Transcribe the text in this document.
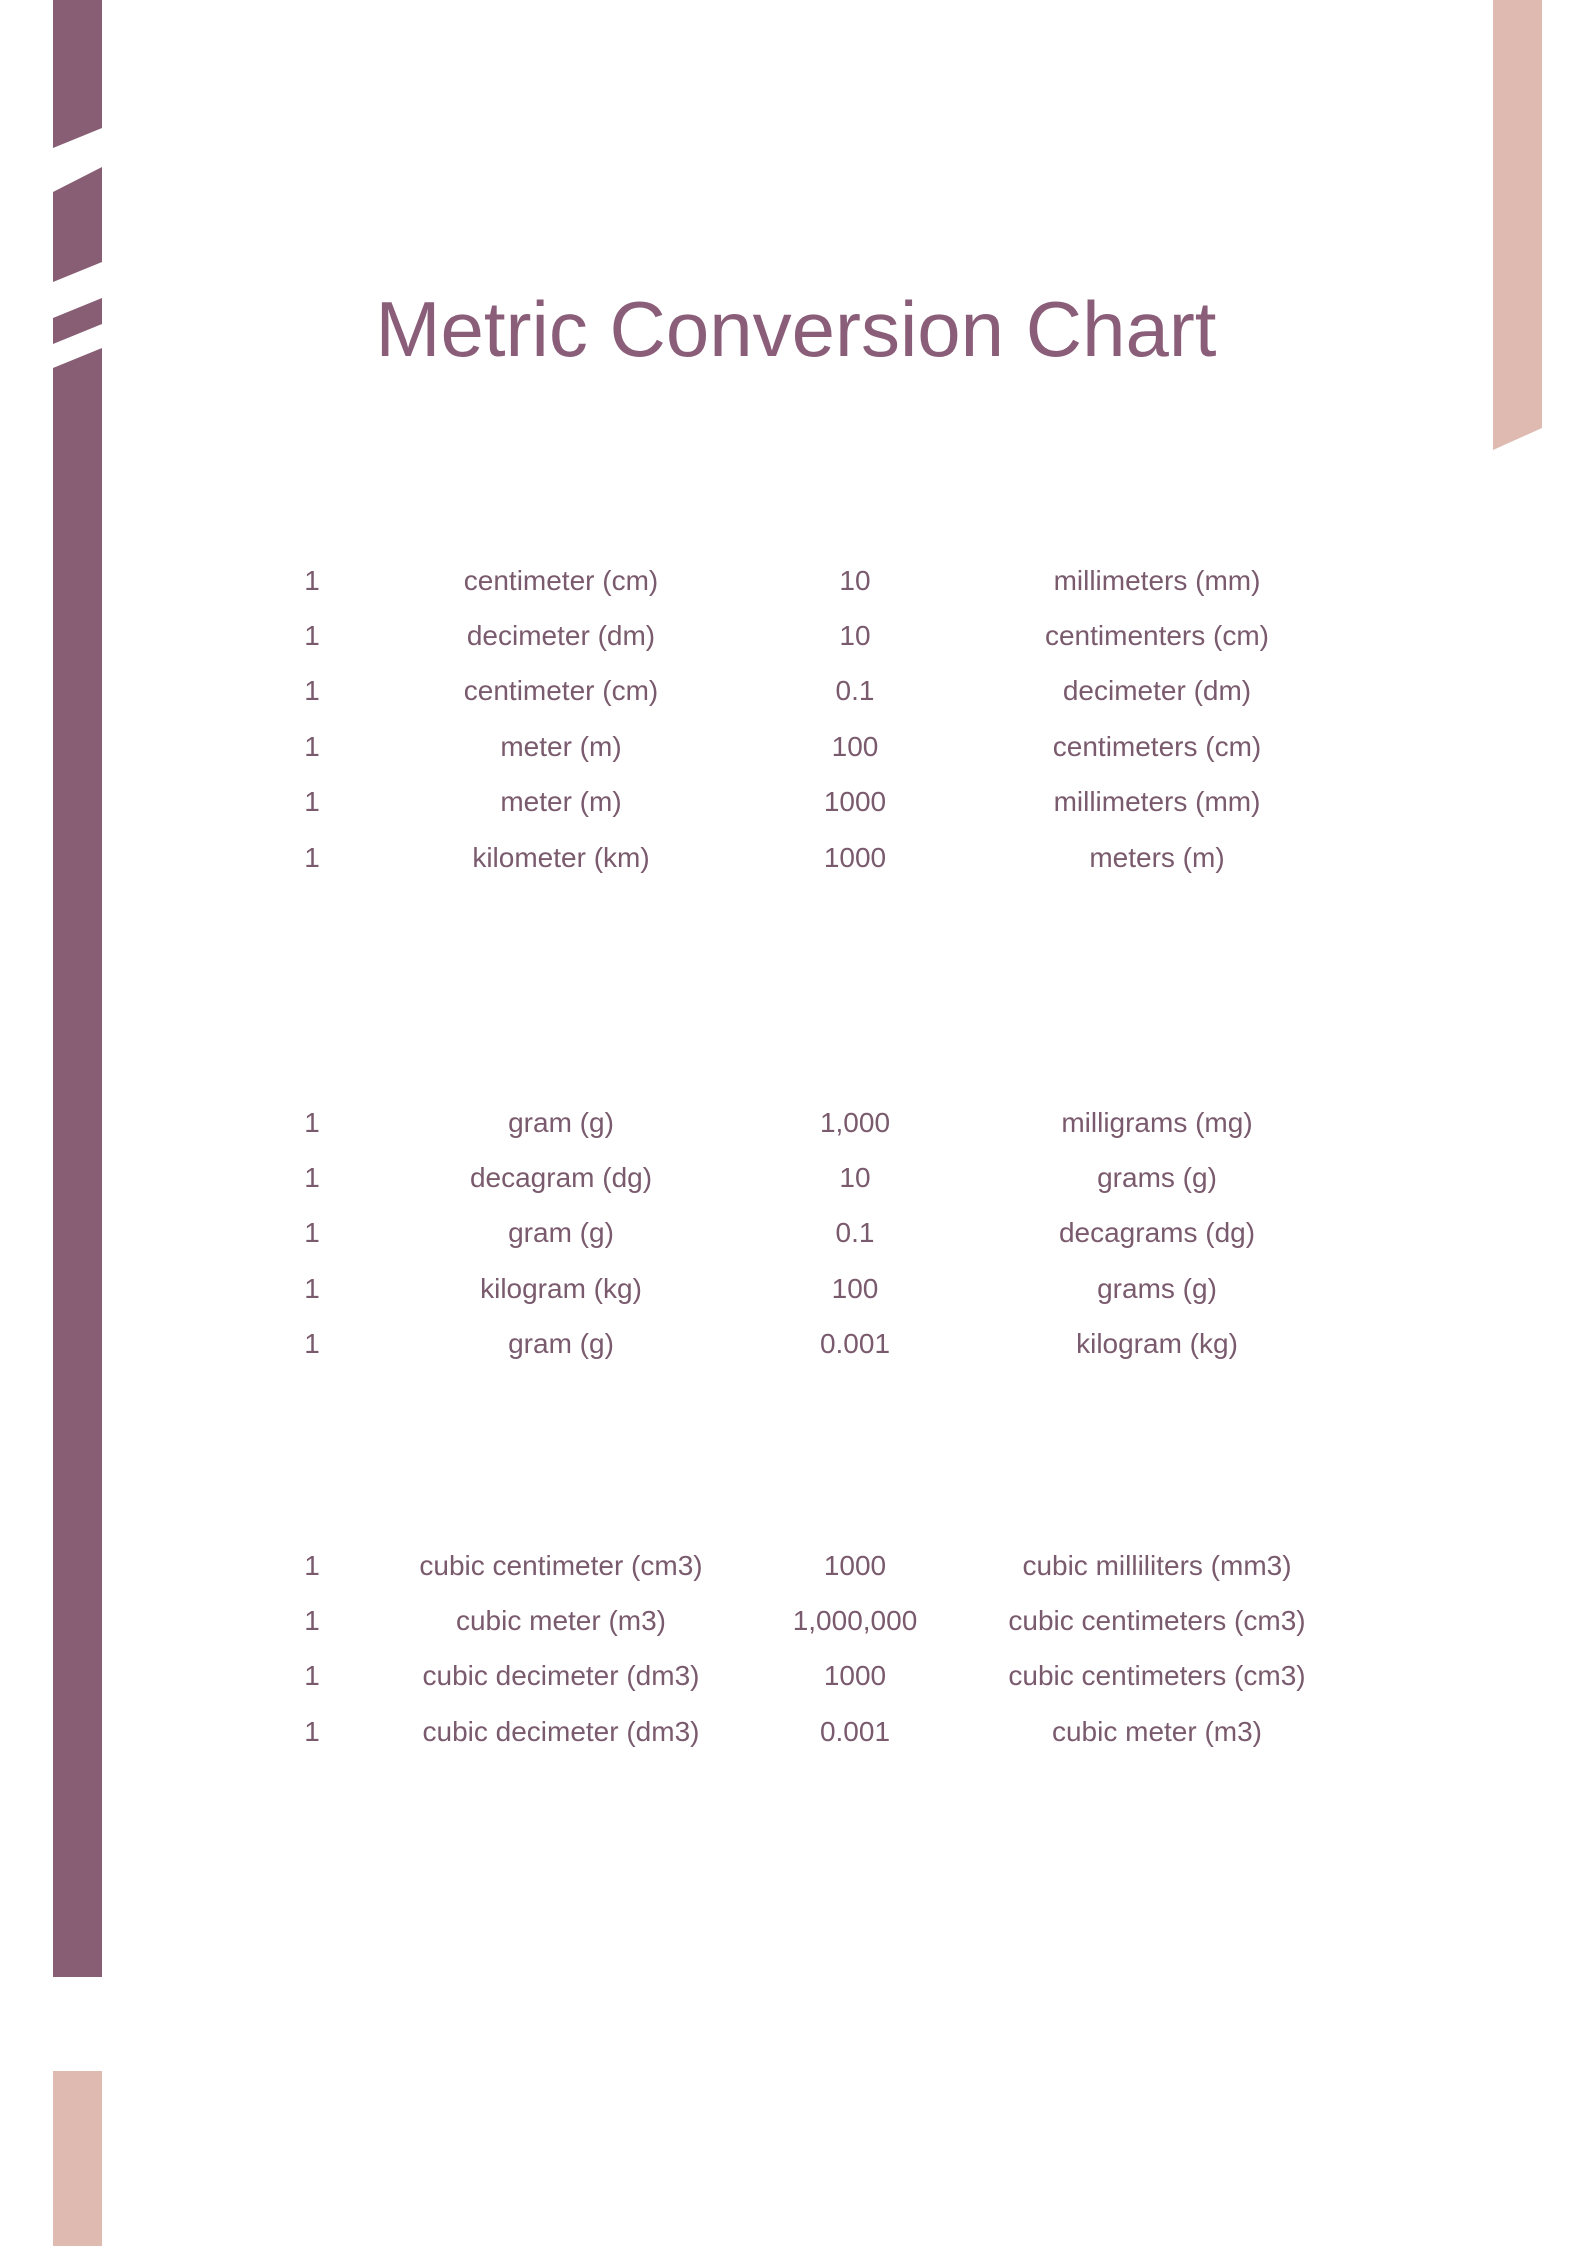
Metric Conversion Chart
1	centimeter (cm)	10	millimeters (mm)
1	decimeter (dm)	10	centimenters (cm)
1	centimeter (cm)	0.1	decimeter (dm)
1	meter (m)	100	centimeters (cm)
1	meter (m)	1000	millimeters (mm)
1	kilometer (km)	1000	meters (m)
1	gram (g)	1,000	milligrams (mg)
1	decagram (dg)	10	grams (g)
1	gram (g)	0.1	decagrams (dg)
1	kilogram (kg)	100	grams (g)
1	gram (g)	0.001	kilogram (kg)
1	cubic centimeter (cm3)	1000	cubic milliliters (mm3)
1	cubic meter (m3)	1,000,000	cubic centimeters (cm3)
1	cubic decimeter (dm3)	1000	cubic centimeters (cm3)
1	cubic decimeter (dm3)	0.001	cubic meter (m3)
